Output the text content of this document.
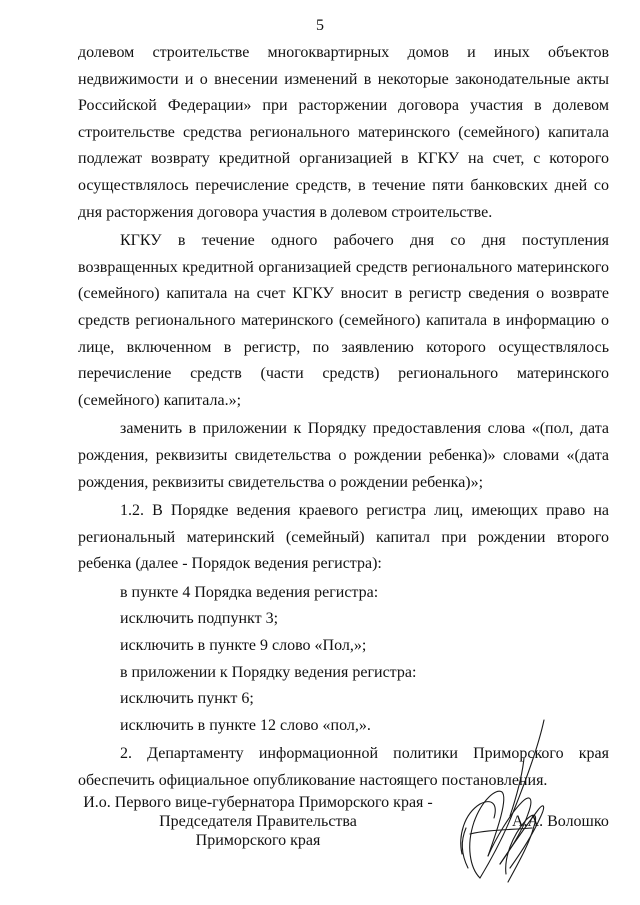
5

долевом строительстве многоквартирных домов и иных объектов недвижимости и о внесении изменений в некоторые законодательные акты Российской Федерации» при расторжении договора участия в долевом строительстве средства регионального материнского (семейного) капитала подлежат возврату кредитной организацией в КГКУ на счет, с которого осуществлялось перечисление средств, в течение пяти банковских дней со дня расторжения договора участия в долевом строительстве.

КГКУ в течение одного рабочего дня со дня поступления возвращенных кредитной организацией средств регионального материнского (семейного) капитала на счет КГКУ вносит в регистр сведения о возврате средств регионального материнского (семейного) капитала в информацию о лице, включенном в регистр, по заявлению которого осуществлялось перечисление средств (части средств) регионального материнского (семейного) капитала.»;

заменить в приложении к Порядку предоставления слова «(пол, дата рождения, реквизиты свидетельства о рождении ребенка)» словами «(дата рождения, реквизиты свидетельства о рождении ребенка)»;

1.2. В Порядке ведения краевого регистра лиц, имеющих право на региональный материнский (семейный) капитал при рождении второго ребенка (далее - Порядок ведения регистра):

в пункте 4 Порядка ведения регистра:

исключить подпункт 3;

исключить в пункте 9 слово «Пол,»;

в приложении к Порядку ведения регистра:

исключить пункт 6;

исключить в пункте 12 слово «пол,».

2. Департаменту информационной политики Приморского края обеспечить официальное опубликование настоящего постановления.

И.о. Первого вице-губернатора Приморского края -
Председателя Правительства
Приморского края
А.А. Волошко
